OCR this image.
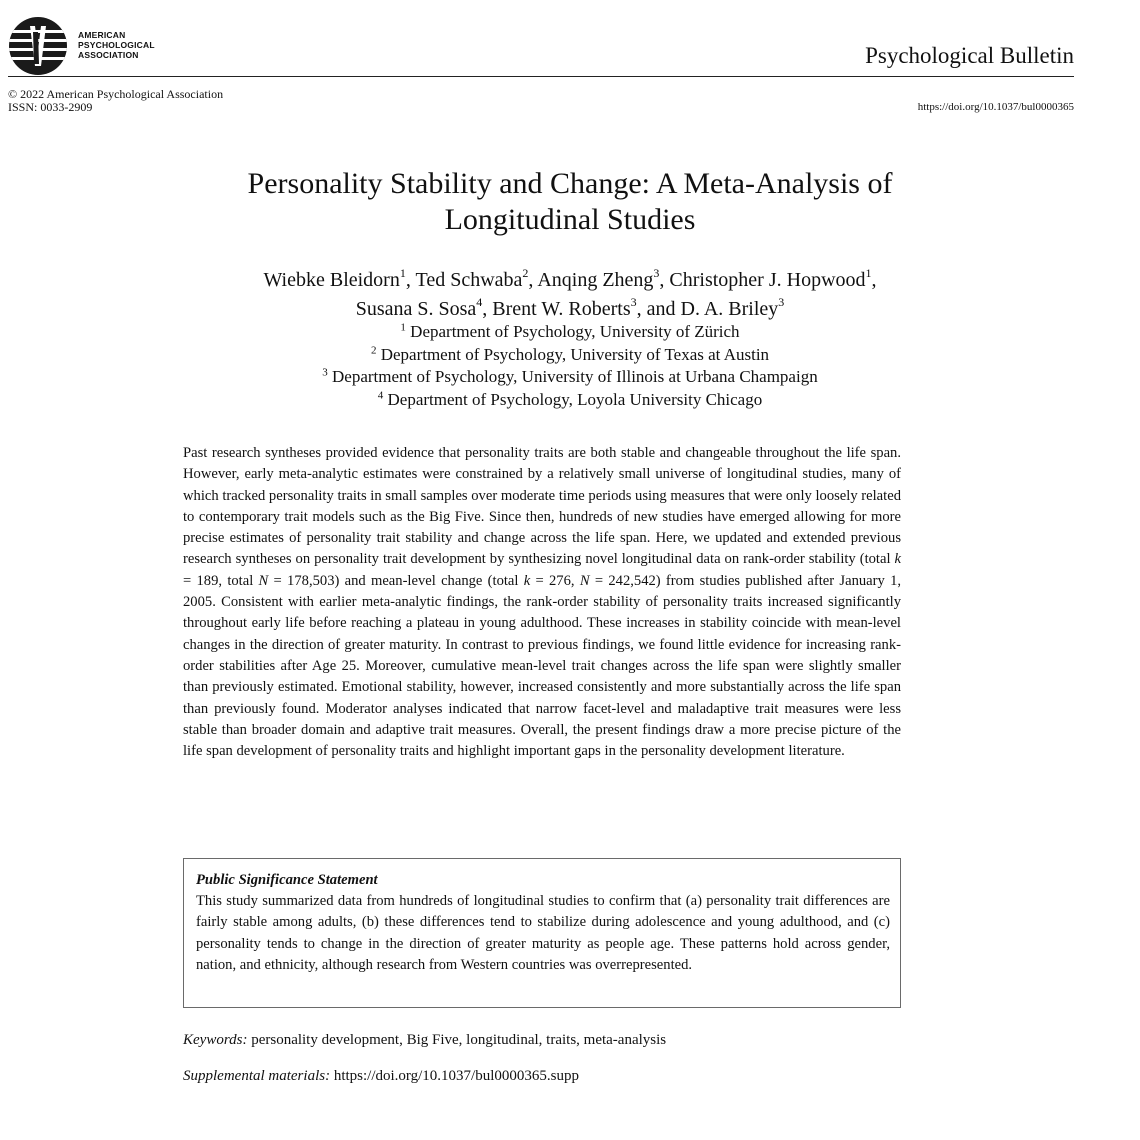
AMERICAN
PSYCHOLOGICAL
ASSOCIATION	Psychological Bulletin
© 2022 American Psychological Association
ISSN: 0033-2909	https://doi.org/10.1037/bul0000365
Personality Stability and Change: A Meta-Analysis of
Longitudinal Studies
Wiebke Bleidorn$^1$, Ted Schwaba$^2$, Anqing Zheng$^3$, Christopher J. Hopwood$^1$,
Susana S. Sosa$^4$, Brent W. Roberts$^3$, and D. A. Briley$^3$
$^1$ Department of Psychology, University of Zürich
$^2$ Department of Psychology, University of Texas at Austin
$^3$ Department of Psychology, University of Illinois at Urbana Champaign
$^4$ Department of Psychology, Loyola University Chicago

Past research syntheses provided evidence that personality traits are both stable and changeable throughout the life span. However, early meta-analytic estimates were constrained by a relatively small universe of longitudinal studies, many of which tracked personality traits in small samples over moderate time periods using measures that were only loosely related to contemporary trait models such as the Big Five. Since then, hundreds of new studies have emerged allowing for more precise estimates of personality trait stability and change across the life span. Here, we updated and extended previous research syntheses on personality trait development by synthesizing novel longitudinal data on rank-order stability (total k = 189, total N = 178,503) and mean-level change (total k = 276, N = 242,542) from studies published after January 1, 2005. Consistent with earlier meta-analytic findings, the rank-order stability of personality traits increased significantly throughout early life before reaching a plateau in young adulthood. These increases in stability coincide with mean-level changes in the direction of greater maturity. In contrast to previous findings, we found little evidence for increasing rank-order stabilities after Age 25. Moreover, cumulative mean-level trait changes across the life span were slightly smaller than previously estimated. Emotional stability, however, increased consistently and more substantially across the life span than previously found. Moderator analyses indicated that narrow facet-level and maladaptive trait measures were less stable than broader domain and adaptive trait measures. Overall, the present findings draw a more precise picture of the life span development of personality traits and highlight important gaps in the personality development literature.

Public Significance Statement

This study summarized data from hundreds of longitudinal studies to confirm that (a) personality trait differences are fairly stable among adults, (b) these differences tend to stabilize during adolescence and young adulthood, and (c) personality tends to change in the direction of greater maturity as people age. These patterns hold across gender, nation, and ethnicity, although research from Western countries was overrepresented.

Keywords: personality development, Big Five, longitudinal, traits, meta-analysis
Supplemental materials: https://doi.org/10.1037/bul0000365.supp
